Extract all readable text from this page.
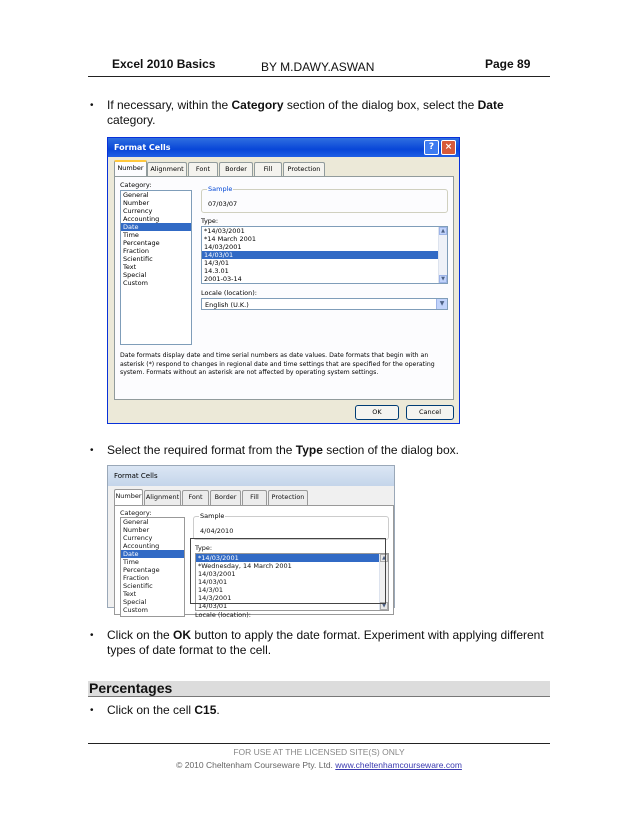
Excel 2010 Basics	BY M.DAWY.ASWAN	Page 89
• If necessary, within the Category section of the dialog box, select the Date
category.
Format Cells	?	×
Number	Alignment	Font	Border	Fill	Protection
Category:
General
Number
Currency
Accounting
Date
Time
Percentage
Fraction
Scientific
Text
Special
Custom
Sample
07/03/07
Type:
*14/03/2001
*14 March 2001
14/03/2001
14/03/01
14/3/01
14.3.01
2001-03-14
▲
▼
Locale (location):
English (U.K.)	▼
Date formats display date and time serial numbers as date values. Date formats that begin with an asterisk (*) respond to changes in regional date and time settings that are specified for the operating system. Formats without an asterisk are not affected by operating system settings.
OK	Cancel
• Select the required format from the Type section of the dialog box.
Format Cells
Number Alignment	Font	Border	Fill	Protection
Category:
General
Number
Currency
Accounting
Date
Time
Percentage
Fraction
Scientific
Text
Special
Custom
Sample
4/04/2010
Type:
*14/03/2001
*Wednesday, 14 March 2001
14/03/2001
14/03/01
14/3/01
14/3/2001
14/03/01
▲
▼
Locale (location):
• Click on the OK button to apply the date format. Experiment with applying different
types of date format to the cell.
Percentages
• Click on the cell C15.
FOR USE AT THE LICENSED SITE(S) ONLY
© 2010 Cheltenham Courseware Pty. Ltd. www.cheltenhamcourseware.com
